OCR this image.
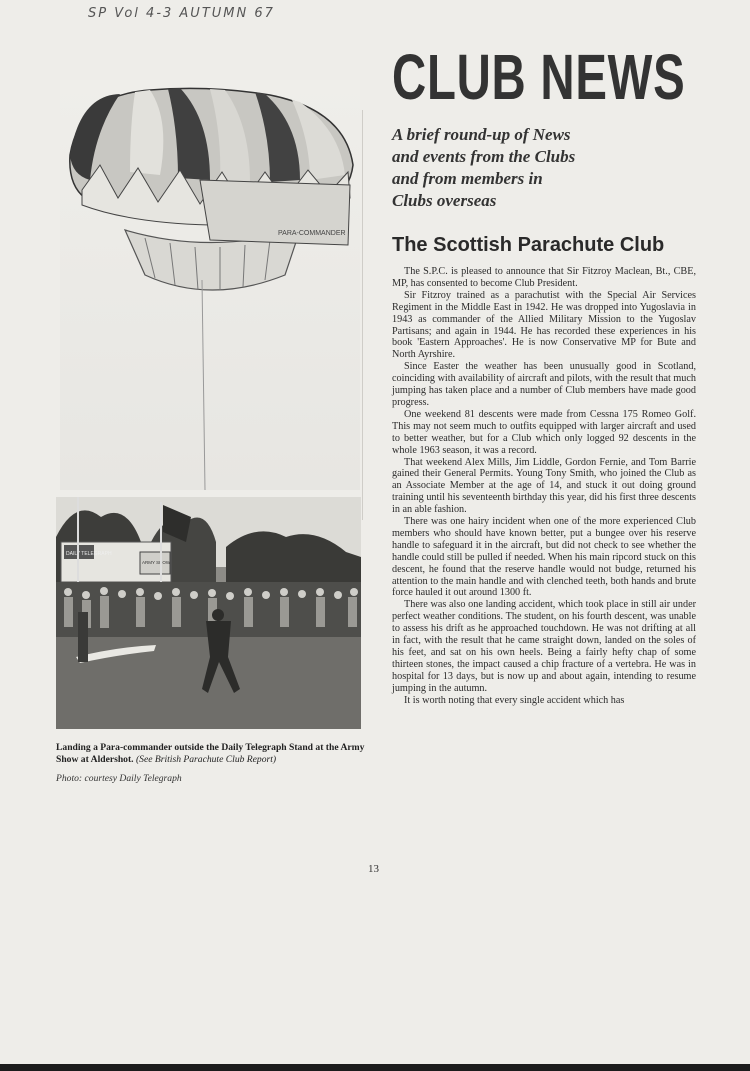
SP Vol 4-3 AUTUMN 67
PARA-COMMANDER
DAILY TELEGRAPH
ARMY SHOW
Landing a Para-commander outside the Daily Telegraph Stand at the Army Show at Aldershot. (See British Parachute Club Report)
Photo: courtesy Daily Telegraph
CLUB NEWS
A brief round-up of News
and events from the Clubs
and from members in
Clubs overseas
The Scottish Parachute Club

The S.P.C. is pleased to announce that Sir Fitzroy Maclean, Bt., CBE, MP, has consented to become Club President.

Sir Fitzroy trained as a parachutist with the Special Air Services Regiment in the Middle East in 1942. He was dropped into Yugoslavia in 1943 as commander of the Allied Military Mission to the Yugoslav Partisans; and again in 1944. He has recorded these experiences in his book 'Eastern Approaches'. He is now Conservative MP for Bute and North Ayrshire.

Since Easter the weather has been unusually good in Scotland, coinciding with availability of aircraft and pilots, with the result that much jumping has taken place and a number of Club members have made good progress.

One weekend 81 descents were made from Cessna 175 Romeo Golf. This may not seem much to outfits equipped with larger aircraft and used to better weather, but for a Club which only logged 92 descents in the whole 1963 season, it was a record.

That weekend Alex Mills, Jim Liddle, Gordon Fernie, and Tom Barrie gained their General Permits. Young Tony Smith, who joined the Club as an Associate Member at the age of 14, and stuck it out doing ground training until his seventeenth birthday this year, did his first three descents in an able fashion.

There was one hairy incident when one of the more experienced Club members who should have known better, put a bungee over his reserve handle to safeguard it in the aircraft, but did not check to see whether the handle could still be pulled if needed. When his main ripcord stuck on this descent, he found that the reserve handle would not budge, returned his attention to the main handle and with clenched teeth, both hands and brute force hauled it out around 1300 ft.

There was also one landing accident, which took place in still air under perfect weather conditions. The student, on his fourth descent, was unable to assess his drift as he approached touchdown. He was not drifting at all in fact, with the result that he came straight down, landed on the soles of his feet, and sat on his own heels. Being a fairly hefty chap of some thirteen stones, the impact caused a chip fracture of a vertebra. He was in hospital for 13 days, but is now up and about again, intending to resume jumping in the autumn.

It is worth noting that every single accident which has

13
